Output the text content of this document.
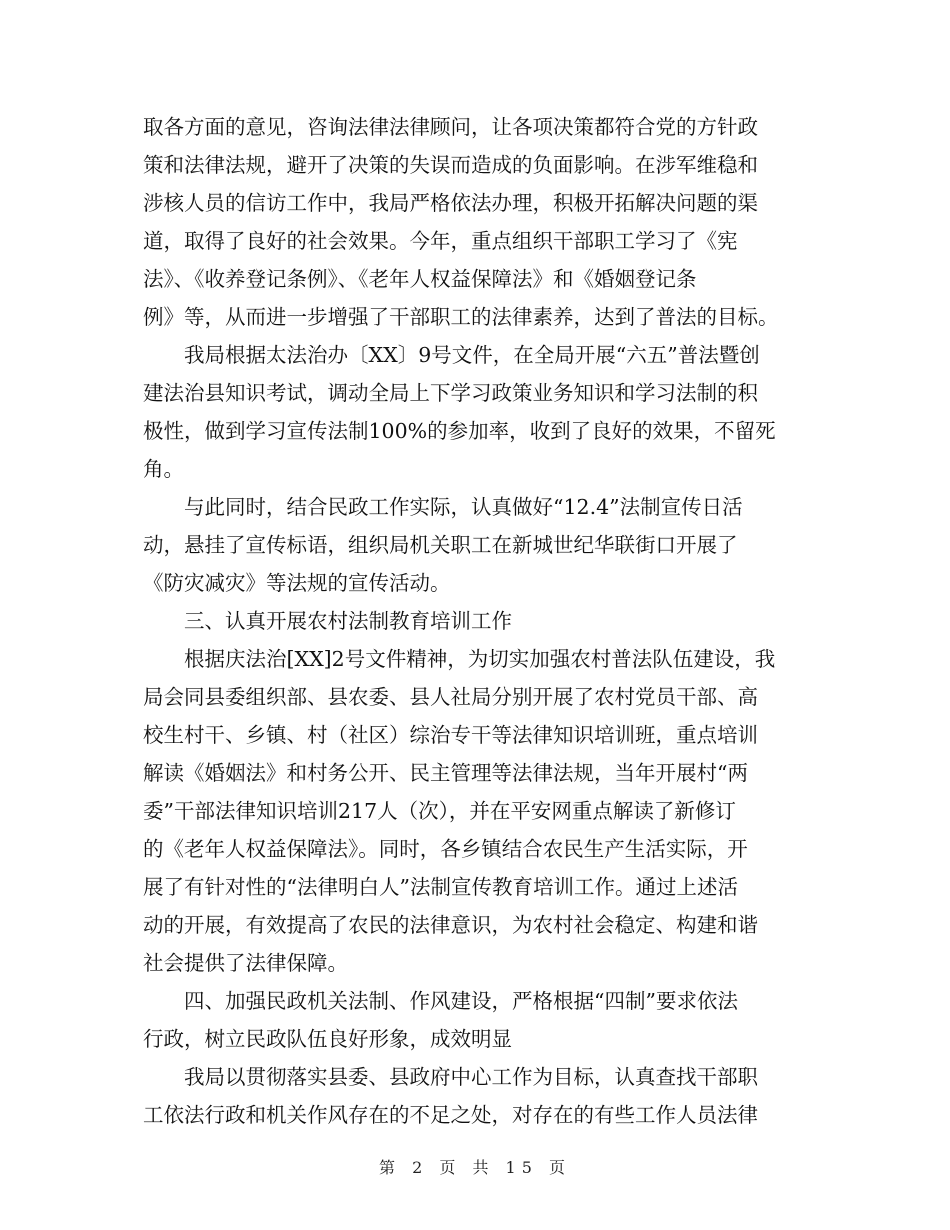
取各方面的意见，咨询法律法律顾问，让各项决策都符合党的方针政
策和法律法规，避开了决策的失误而造成的负面影响。在涉军维稳和
涉核人员的信访工作中，我局严格依法办理，积极开拓解决问题的渠
道，取得了良好的社会效果。今年，重点组织干部职工学习了《宪
法》、《收养登记条例》、《老年人权益保障法》和《婚姻登记条
例》等，从而进一步增强了干部职工的法律素养，达到了普法的目标。
我局根据太法治办〔XX〕9号文件，在全局开展“六五”普法暨创
建法治县知识考试，调动全局上下学习政策业务知识和学习法制的积
极性，做到学习宣传法制100%的参加率，收到了良好的效果，不留死
角。
与此同时，结合民政工作实际，认真做好“12.4”法制宣传日活
动，悬挂了宣传标语，组织局机关职工在新城世纪华联街口开展了
《防灾减灾》等法规的宣传活动。
三、认真开展农村法制教育培训工作
根据庆法治[XX]2号文件精神，为切实加强农村普法队伍建设，我
局会同县委组织部、县农委、县人社局分别开展了农村党员干部、高
校生村干、乡镇、村（社区）综治专干等法律知识培训班，重点培训
解读《婚姻法》和村务公开、民主管理等法律法规，当年开展村“两
委”干部法律知识培训217人（次），并在平安网重点解读了新修订
的《老年人权益保障法》。同时，各乡镇结合农民生产生活实际，开
展了有针对性的“法律明白人”法制宣传教育培训工作。通过上述活
动的开展，有效提高了农民的法律意识，为农村社会稳定、构建和谐
社会提供了法律保障。
四、加强民政机关法制、作风建设，严格根据“四制”要求依法
行政，树立民政队伍良好形象，成效明显
我局以贯彻落实县委、县政府中心工作为目标，认真查找干部职
工依法行政和机关作风存在的不足之处，对存在的有些工作人员法律
第 2 页 共 15 页
